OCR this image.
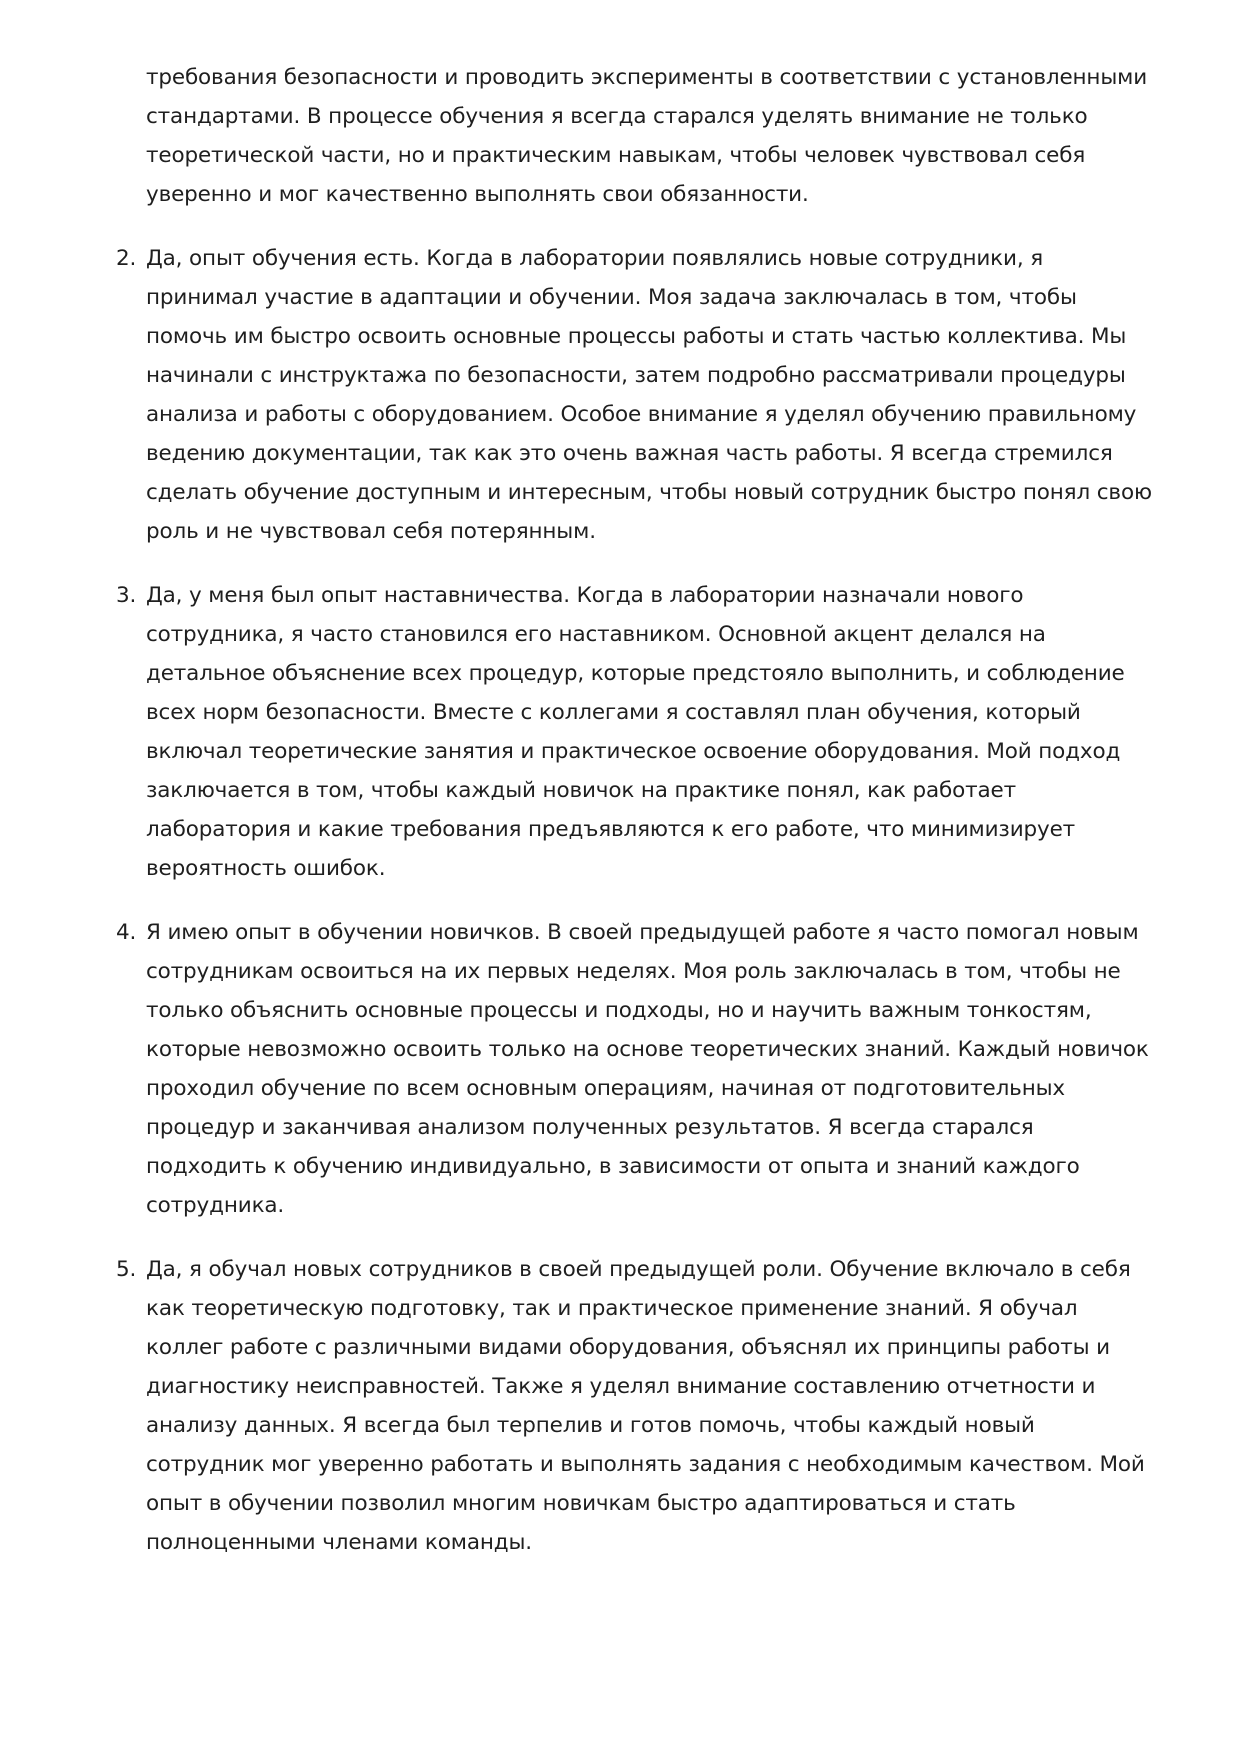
требования безопасности и проводить эксперименты в соответствии с установленными стандартами. В процессе обучения я всегда старался уделять внимание не только теоретической части, но и практическим навыкам, чтобы человек чувствовал себя уверенно и мог качественно выполнять свои обязанности.

2. Да, опыт обучения есть. Когда в лаборатории появлялись новые сотрудники, я принимал участие в адаптации и обучении. Моя задача заключалась в том, чтобы помочь им быстро освоить основные процессы работы и стать частью коллектива. Мы начинали с инструктажа по безопасности, затем подробно рассматривали процедуры анализа и работы с оборудованием. Особое внимание я уделял обучению правильному ведению документации, так как это очень важная часть работы. Я всегда стремился сделать обучение доступным и интересным, чтобы новый сотрудник быстро понял свою роль и не чувствовал себя потерянным.
3. Да, у меня был опыт наставничества. Когда в лаборатории назначали нового сотрудника, я часто становился его наставником. Основной акцент делался на детальное объяснение всех процедур, которые предстояло выполнить, и соблюдение всех норм безопасности. Вместе с коллегами я составлял план обучения, который включал теоретические занятия и практическое освоение оборудования. Мой подход заключается в том, чтобы каждый новичок на практике понял, как работает лаборатория и какие требования предъявляются к его работе, что минимизирует вероятность ошибок.
4. Я имею опыт в обучении новичков. В своей предыдущей работе я часто помогал новым сотрудникам освоиться на их первых неделях. Моя роль заключалась в том, чтобы не только объяснить основные процессы и подходы, но и научить важным тонкостям, которые невозможно освоить только на основе теоретических знаний. Каждый новичок проходил обучение по всем основным операциям, начиная от подготовительных процедур и заканчивая анализом полученных результатов. Я всегда старался подходить к обучению индивидуально, в зависимости от опыта и знаний каждого сотрудника.
5. Да, я обучал новых сотрудников в своей предыдущей роли. Обучение включало в себя как теоретическую подготовку, так и практическое применение знаний. Я обучал коллег работе с различными видами оборудования, объяснял их принципы работы и диагностику неисправностей. Также я уделял внимание составлению отчетности и анализу данных. Я всегда был терпелив и готов помочь, чтобы каждый новый сотрудник мог уверенно работать и выполнять задания с необходимым качеством. Мой опыт в обучении позволил многим новичкам быстро адаптироваться и стать полноценными членами команды.
